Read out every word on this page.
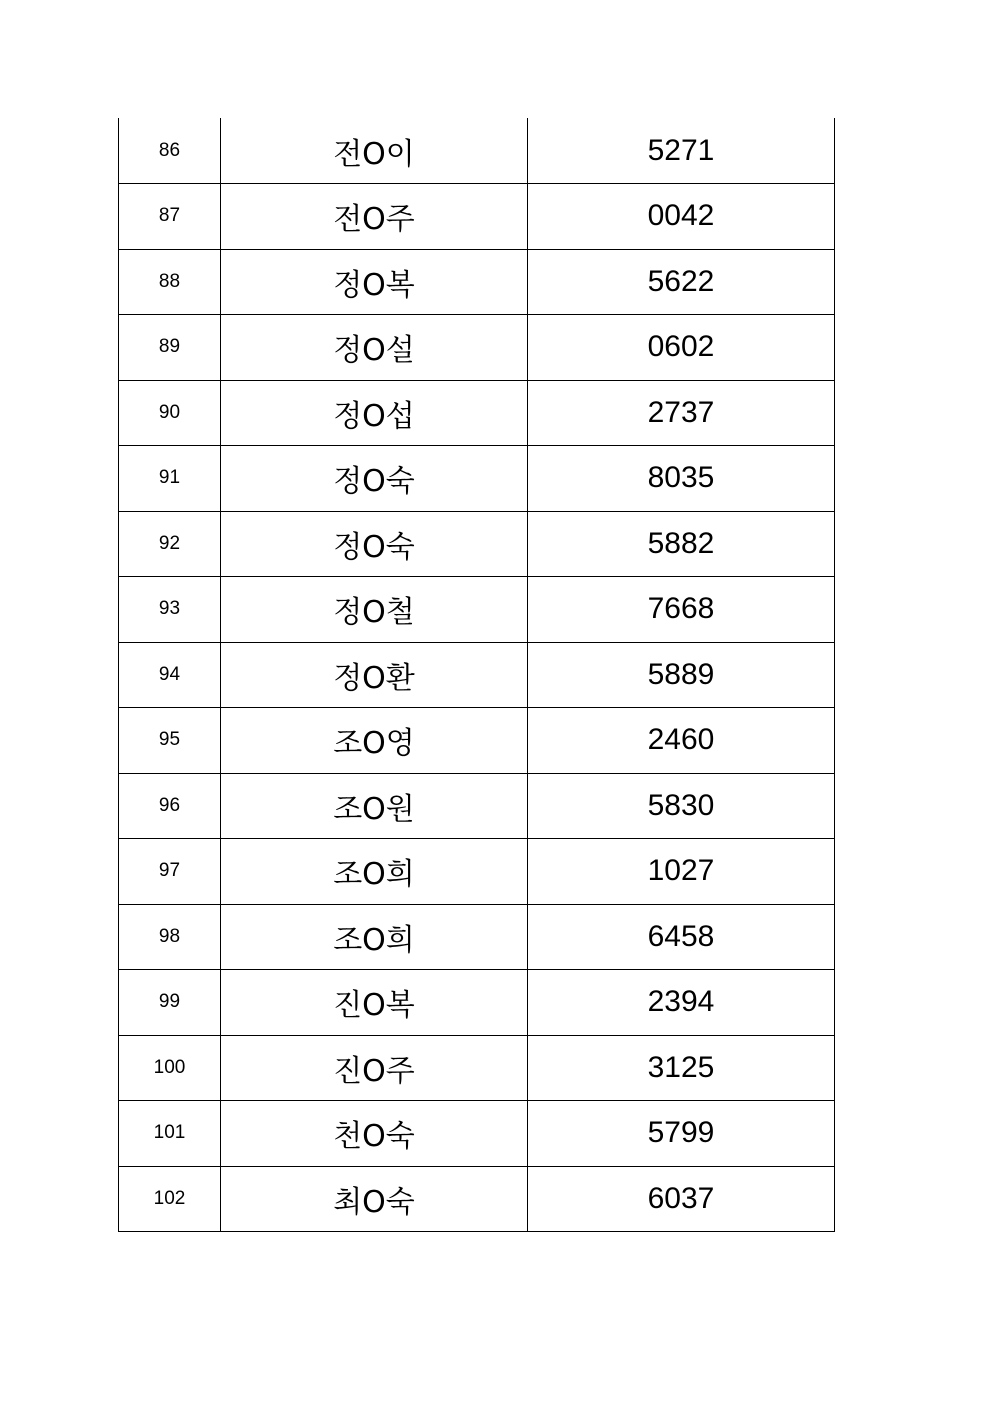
86	전O이	5271
87	전O주	0042
88	정O복	5622
89	정O설	0602
90	정O섭	2737
91	정O숙	8035
92	정O숙	5882
93	정O철	7668
94	정O환	5889
95	조O영	2460
96	조O원	5830
97	조O희	1027
98	조O희	6458
99	진O복	2394
100	진O주	3125
101	천O숙	5799
102	최O숙	6037
